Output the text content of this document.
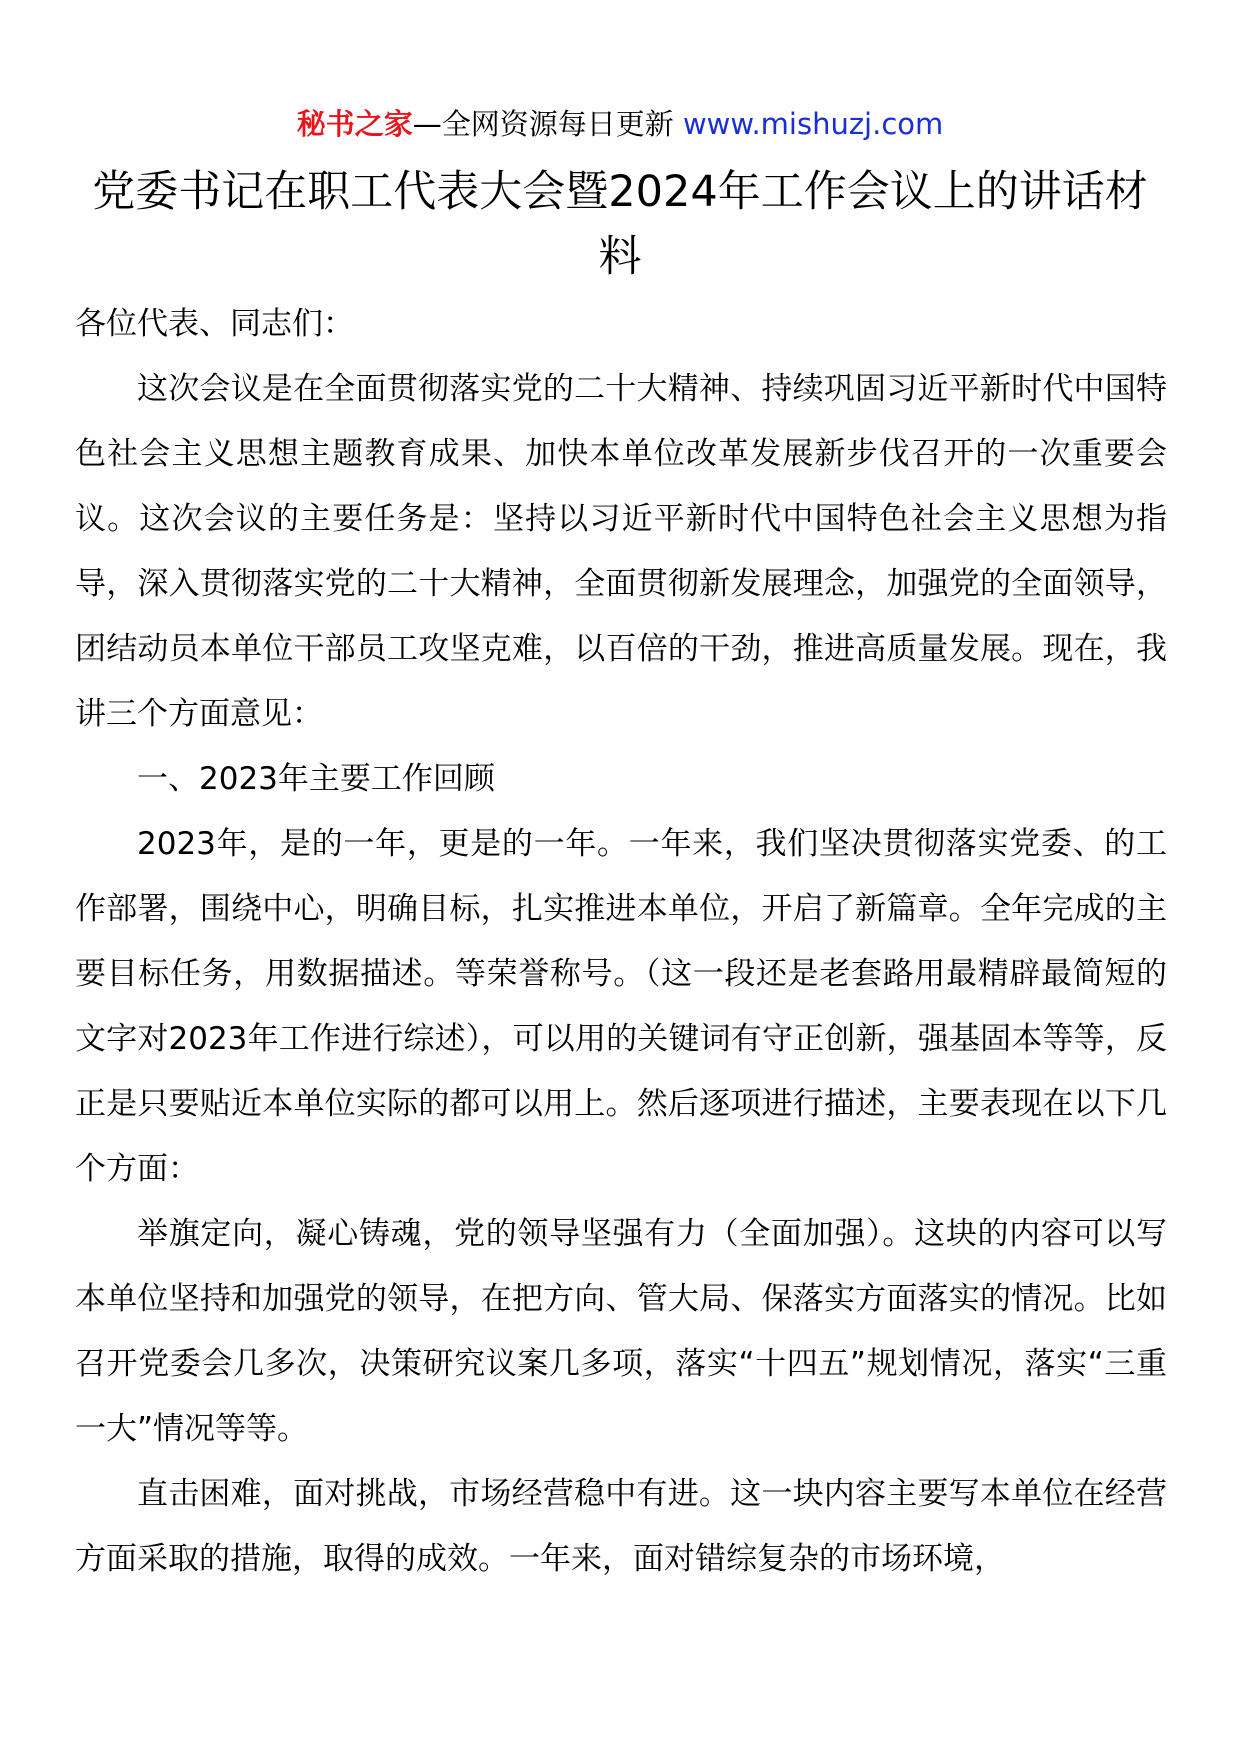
秘书之家—全网资源每日更新 www.mishuzj.com
党委书记在职工代表大会暨2024年工作会议上的讲话材料

各位代表、同志们：

这次会议是在全面贯彻落实党的二十大精神、持续巩固习近平新时代中国特色社会主义思想主题教育成果、加快本单位改革发展新步伐召开的一次重要会议。这次会议的主要任务是：坚持以习近平新时代中国特色社会主义思想为指导，深入贯彻落实党的二十大精神，全面贯彻新发展理念，加强党的全面领导，团结动员本单位干部员工攻坚克难，以百倍的干劲，推进高质量发展。现在，我讲三个方面意见：

一、2023年主要工作回顾

2023年，是的一年，更是的一年。一年来，我们坚决贯彻落实党委、的工作部署，围绕中心，明确目标，扎实推进本单位，开启了新篇章。全年完成的主要目标任务，用数据描述。等荣誉称号。（这一段还是老套路用最精辟最简短的文字对2023年工作进行综述），可以用的关键词有守正创新，强基固本等等，反正是只要贴近本单位实际的都可以用上。然后逐项进行描述，主要表现在以下几个方面：

举旗定向，凝心铸魂，党的领导坚强有力（全面加强）。这块的内容可以写本单位坚持和加强党的领导，在把方向、管大局、保落实方面落实的情况。比如召开党委会几多次，决策研究议案几多项，落实“十四五”规划情况，落实“三重一大”情况等等。

直击困难，面对挑战，市场经营稳中有进。这一块内容主要写本单位在经营方面采取的措施，取得的成效。一年来，面对错综复杂的市场环境，
